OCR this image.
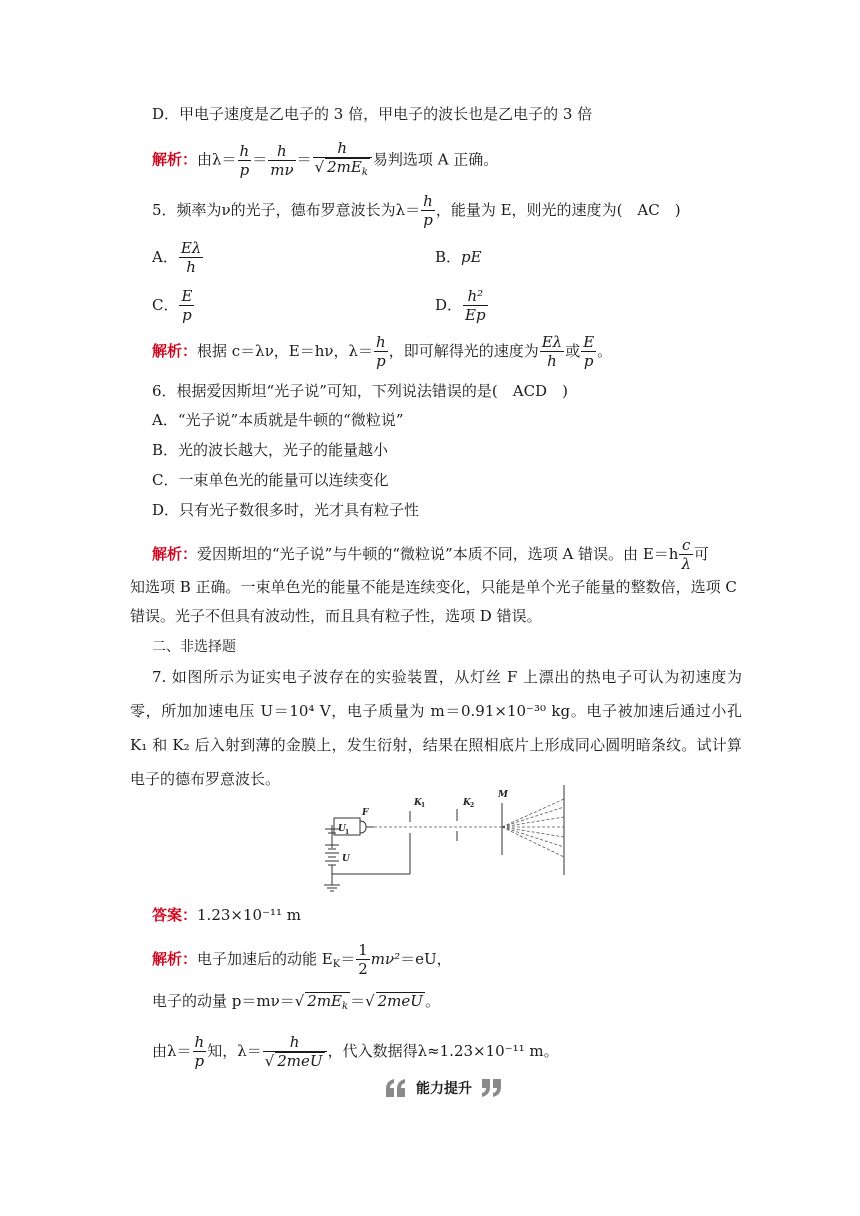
D．甲电子速度是乙电子的 3 倍，甲电子的波长也是乙电子的 3 倍
解析：由$\lambda= \frac{h}{p} = \frac{h}{m\nu} = \frac{h}{√ 2mE_k}$ 易判选项 A 正确。
5．频率为ν的光子，德布罗意波长为$\lambda= \frac{h}{p}$ ，能量为 E，则光的速度为(　AC　)
A． $\frac{E\lambda}{h}$	B．pE
C． $\frac{E}{p}$	D． $\frac{\text{h²}}{Ep}$
解析：根据 c＝λν，E＝hν，$\lambda= \frac{h}{p}$ ，即可解得光的速度为 $\frac{E\lambda}{h}$ 或 $\frac{E}{p}$ 。
6．根据爱因斯坦“光子说”可知，下列说法错误的是(　ACD　)
A．“光子说”本质就是牛顿的“微粒说”
B．光的波长越大，光子的能量越小
C．一束单色光的能量可以连续变化
D．只有光子数很多时，光才具有粒子性
解析：爱因斯坦的“光子说”与牛顿的“微粒说”本质不同，选项 A 错误。由 $E=h \frac{c}{\lambda}$ 可
知选项 B 正确。一束单色光的能量不能是连续变化，只能是单个光子能量的整数倍，选项 C
错误。光子不但具有波动性，而且具有粒子性，选项 D 错误。
二、非选择题
7. 如图所示为证实电子波存在的实验装置，从灯丝 F 上漂出的热电子可认为初速度为零，所加加速电压 U＝10⁴ V，电子质量为 m＝0.91×10⁻³⁰ kg。电子被加速后通过小孔 K₁ 和 K₂ 后入射到薄的金膜上，发生衍射，结果在照相底片上形成同心圆明暗条纹。试计算电子的德布罗意波长。
F
U 1
U
K 1	K 2
M
答案：1.23×10⁻¹¹ m
解析：电子加速后的动能 $E_K= \frac{1}{2} m\nu^2=eU$，
电子的动量 p＝mν＝√ $2mE_k$ ＝√ 2meU 。
由$\lambda= \frac{h}{p}$ 知，$\lambda= \frac{h}{\text{√ 2meU}}$ ，代入数据得λ≈1.23×10⁻¹¹ m。
能力提升
